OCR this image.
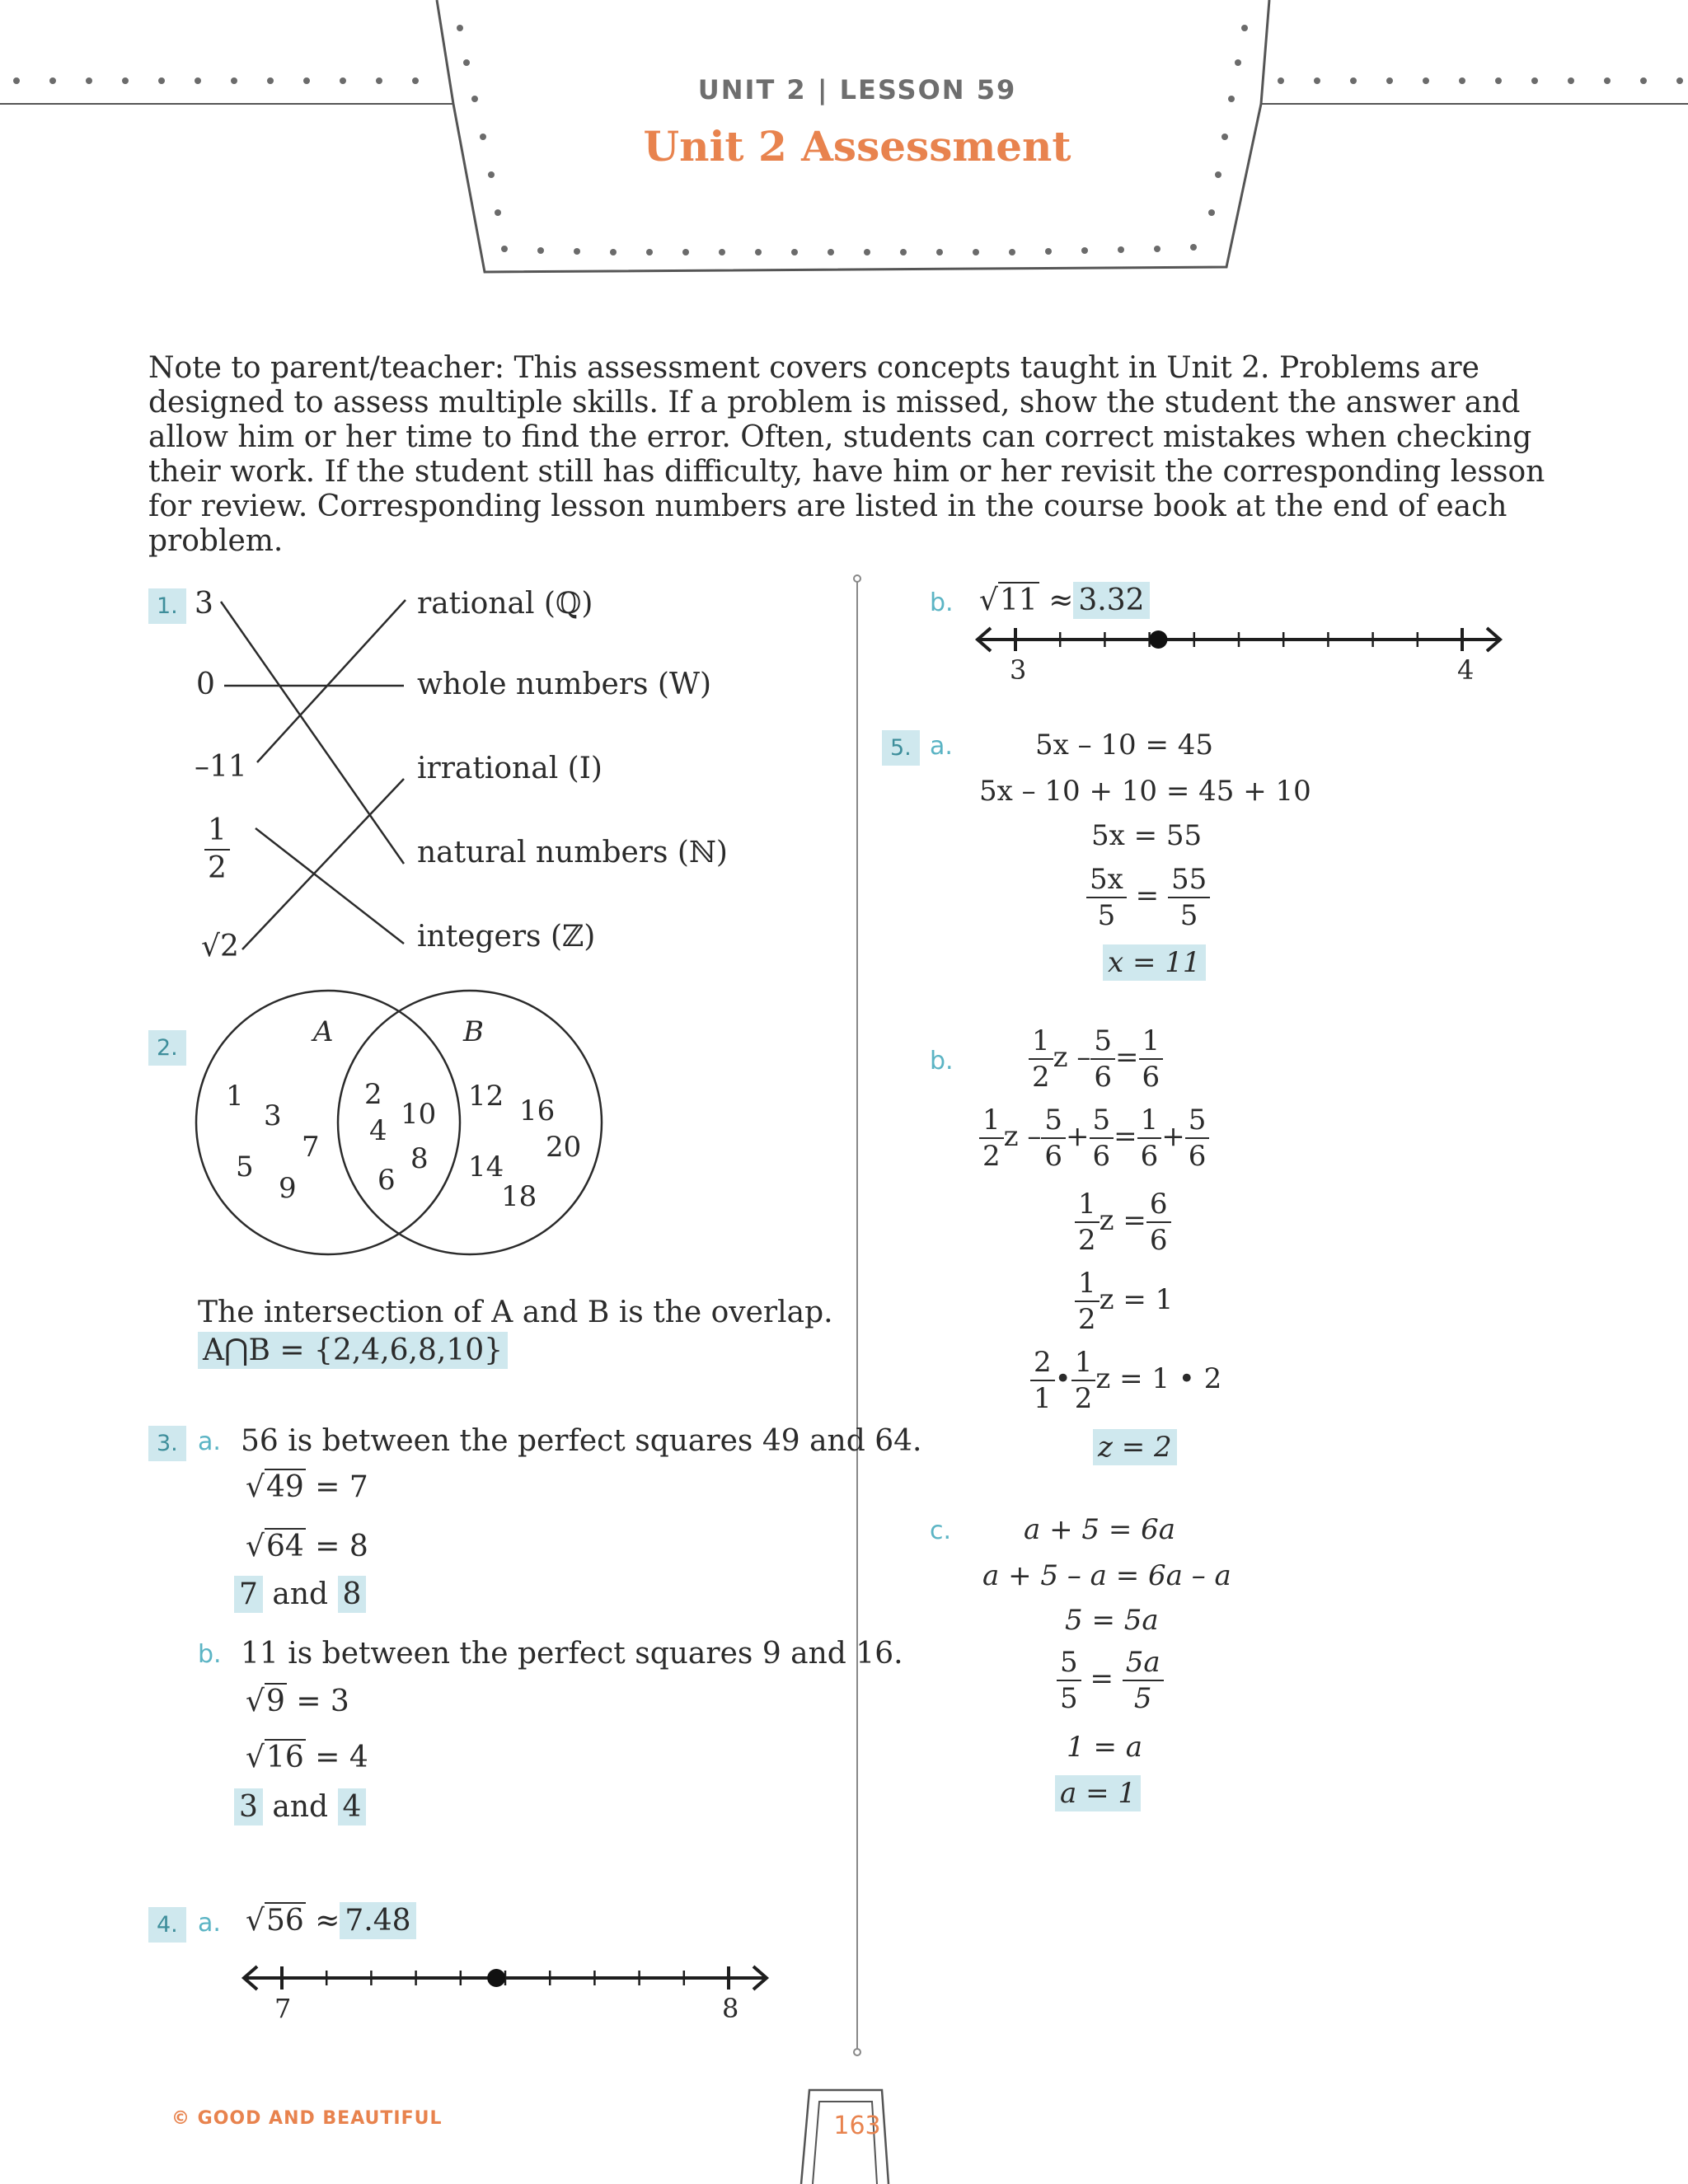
UNIT 2 | LESSON 59
Unit 2 Assessment
Note to parent/teacher: This assessment covers concepts taught in Unit 2. Problems are designed to assess multiple skills. If a problem is missed, show the student the answer and allow him or her time to find the error. Often, students can correct mistakes when checking their work. If the student still has difficulty, have him or her revisit the corresponding lesson for review. Corresponding lesson numbers are listed in the course book at the end of each problem.
1. 3
0
–11
$\frac{1}{2}$
√2
rational (ℚ)
whole numbers (W)
irrational (I)
natural numbers (ℕ)
integers (ℤ)
2.	A	B
1
3
7
5
9
2
4 10
8
6
12 16
20
14
18
The intersection of A and B is the overlap.
A⋂B = {2,4,6,8,10}
3. a. 56 is between the perfect squares 49 and 64.
√49 = 7
√64 = 8
7 and 8
b. 11 is between the perfect squares 9 and 16.
√9 = 3
√16 = 4
3 and 4
4. a. √56 ≈ 7.48
7	8
b. √11 ≈ 3.32
3	4
5. a.	5x – 10 = 45
5x – 10 + 10 = 45 + 10
5x = 55
$\frac{5x}{5} = \frac{55}{5}$
x = 11
b.	$\frac{1}{2}$ $z - \frac{5}{6} = \frac{1}{6}$
$\frac{1}{2}$ $z - \frac{5}{6} + \frac{5}{6} = \frac{1}{6} + \frac{5}{6}$
$\frac{1}{2}$ $z = \frac{6}{6}$
$\frac{1}{2}$ z = 1
$\frac{2}{1}$ • $\frac{1}{2}$ z = 1 • 2
z = 2
c.	a + 5 = 6a
a + 5 – a = 6a – a
5 = 5a
$\frac{5}{5} = \frac{5a}{5}$
1 = a
a = 1
© GOOD AND BEAUTIFUL	163
